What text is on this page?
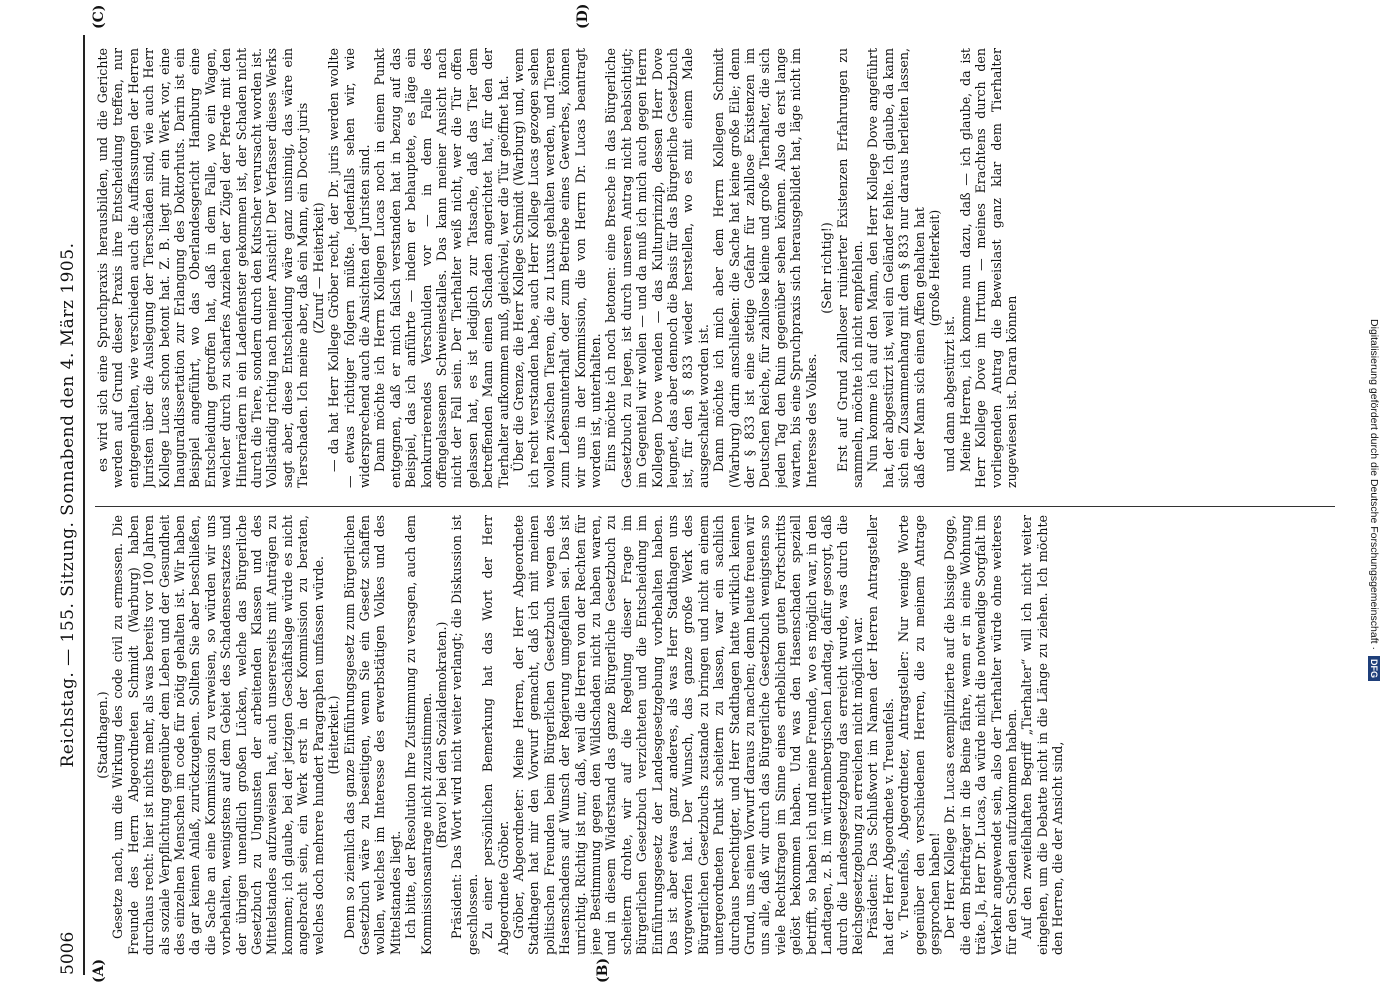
5006
Reichstag. — 155. Sitzung. Sonnabend den 4. März 1905.
(A)	(B)
(C)	(D)

(Stadthagen.) Gesetze nach, um die Wirkung des code civil zu ermessen. Die Freunde des Herrn Abgeordneten Schmidt (Warburg) haben durchaus recht: hier ist nichts mehr, als was bereits vor 100 Jahren als soziale Verpflichtung gegenüber dem Leben und der Gesundheit des einzelnen Menschen im code für nötig gehalten ist. Wir haben da gar keinen Anlaß, zurückzugehen. Sollten Sie aber beschließen, die Sache an eine Kommission zu verweisen, so würden wir uns vorbehalten, wenigstens auf dem Gebiet des Schadensersatzes und der übrigen unendlich großen Lücken, welche das Bürgerliche Gesetzbuch zu Ungunsten der arbeitenden Klassen und des Mittelstandes aufzuweisen hat, auch unsererseits mit Anträgen zu kommen; ich glaube, bei der jetzigen Geschäftslage würde es nicht angebracht sein, ein Werk erst in der Kommission zu beraten, welches doch mehrere hundert Paragraphen umfassen würde. (Heiterkeit.) Denn so ziemlich das ganze Einführungsgesetz zum Bürgerlichen Gesetzbuch wäre zu beseitigen, wenn Sie ein Gesetz schaffen wollen, welches im Interesse des erwerbstätigen Volkes und des Mittelstandes liegt. Ich bitte, der Resolution Ihre Zustimmung zu versagen, auch dem Kommissionsantrage nicht zuzustimmen. (Bravo! bei den Sozialdemokraten.) Präsident: Das Wort wird nicht weiter verlangt; die Diskussion ist geschlossen. Zu einer persönlichen Bemerkung hat das Wort der Herr Abgeordnete Gröber. Gröber, Abgeordneter: Meine Herren, der Herr Abgeordnete Stadthagen hat mir den Vorwurf gemacht, daß ich mit meinen politischen Freunden beim Bürgerlichen Gesetzbuch wegen des Hasenschadens auf Wunsch der Regierung umgefallen sei. Das ist unrichtig. Richtig ist nur, daß, weil die Herren von der Rechten für jene Bestimmung gegen den Wildschaden nicht zu haben waren, und in diesem Widerstand das ganze Bürgerliche Gesetzbuch zu scheitern drohte, wir auf die Regelung dieser Frage im Bürgerlichen Gesetzbuch verzichteten und die Entscheidung im Einführungsgesetz der Landesgesetzgebung vorbehalten haben. Das ist aber etwas ganz anderes, als was Herr Stadthagen uns vorgeworfen hat. Der Wunsch, das ganze große Werk des Bürgerlichen Gesetzbuchs zustande zu bringen und nicht an einem untergeordneten Punkt scheitern zu lassen, war ein sachlich durchaus berechtigter, und Herr Stadthagen hatte wirklich keinen Grund, uns einen Vorwurf daraus zu machen; denn heute freuen wir uns alle, daß wir durch das Bürgerliche Gesetzbuch wenigstens so viele Rechtsfragen im Sinne eines erheblichen guten Fortschritts gelöst bekommen haben. Und was den Hasenschaden speziell betrifft, so haben ich und meine Freunde, wo es möglich war, in den Landtagen, z. B. im württembergischen Landtag, dafür gesorgt, daß durch die Landesgesetzgebung das erreicht wurde, was durch die Reichsgesetzgebung zu erreichen nicht möglich war. Präsident: Das Schlußwort im Namen der Herren Antragsteller hat der Herr Abgeordnete v. Treuenfels. v. Treuenfels, Abgeordneter, Antragsteller: Nur wenige Worte gegenüber den verschiedenen Herren, die zu meinem Antrage gesprochen haben! Der Herr Kollege Dr. Lucas exemplifizierte auf die bissige Dogge, die dem Briefträger in die Beine fähre, wenn er in eine Wohnung träte. Ja, Herr Dr. Lucas, da würde nicht die notwendige Sorgfalt im Verkehr angewendet sein, also der Tierhalter würde ohne weiteres für den Schaden aufzukommen haben. Auf den zweifelhaften Begriff „Tierhalter“ will ich nicht weiter eingehen, um die Debatte nicht in die Länge zu ziehen. Ich möchte den Herren, die der Ansicht sind,

es wird sich eine Spruchpraxis herausbilden, und die Gerichte werden auf Grund dieser Praxis ihre Entscheidung treffen, nur entgegenhalten, wie verschieden auch die Auffassungen der Herren Juristen über die Auslegung der Tierschäden sind, wie auch Herr Kollege Lucas schon betont hat. Z. B. liegt mir ein Werk vor, eine Inauguraldissertation zur Erlangung des Doktorhuts. Darin ist ein Beispiel angeführt, wo das Oberlandesgericht Hamburg eine Entscheidung getroffen hat, daß in dem Falle, wo ein Wagen, welcher durch zu scharfes Anziehen der Zügel der Pferde mit den Hinterrädern in ein Ladenfenster gekommen ist, der Schaden nicht durch die Tiere, sondern durch den Kutscher verursacht worden ist. Vollständig richtig nach meiner Ansicht! Der Verfasser dieses Werks sagt aber, diese Entscheidung wäre ganz unsinnig, das wäre ein Tierschaden. Ich meine aber, daß ein Mann, ein Doctor juris (Zuruf — Heiterkeit) — da hat Herr Kollege Gröber recht, der Dr. juris werden wollte — etwas richtiger folgern müßte. Jedenfalls sehen wir, wie widersprechend auch die Ansichten der Juristen sind. Dann möchte ich Herrn Kollegen Lucas noch in einem Punkt entgegnen, daß er mich falsch verstanden hat in bezug auf das Beispiel, das ich anführte — indem er behauptete, es läge ein konkurrierendes Verschulden vor — in dem Falle des offengelassenen Schweinestalles. Das kann meiner Ansicht nach nicht der Fall sein. Der Tierhalter weiß nicht, wer die Tür offen gelassen hat, es ist lediglich zur Tatsache, daß das Tier dem betreffenden Mann einen Schaden angerichtet hat, für den der Tierhalter aufkommen muß, gleichviel, wer die Tür geöffnet hat. Über die Grenze, die Herr Kollege Schmidt (Warburg) und, wenn ich recht verstanden habe, auch Herr Kollege Lucas gezogen sehen wollen zwischen Tieren, die zu Luxus gehalten werden, und Tieren zum Lebensunterhalt oder zum Betriebe eines Gewerbes, können wir uns in der Kommission, die von Herrn Dr. Lucas beantragt worden ist, unterhalten. Eins möchte ich noch betonen: eine Bresche in das Bürgerliche Gesetzbuch zu legen, ist durch unseren Antrag nicht beabsichtigt; im Gegenteil wir wollen — und da muß ich mich auch gegen Herrn Kollegen Dove wenden — das Kulturprinzip, dessen Herr Dove leugnet, das aber dennoch die Basis für das Bürgerliche Gesetzbuch ist, für den § 833 wieder herstellen, wo es mit einem Male ausgeschaltet worden ist. Dann möchte ich mich aber dem Herrn Kollegen Schmidt (Warburg) darin anschließen: die Sache hat keine große Eile; denn der § 833 ist eine stetige Gefahr für zahllose Existenzen im Deutschen Reiche, für zahllose kleine und große Tierhalter, die sich jeden Tag den Ruin gegenüber sehen können. Also da erst lange warten, bis eine Spruchpraxis sich herausgebildet hat, läge nicht im Interesse des Volkes.

(Sehr richtig!) Erst auf Grund zahlloser ruinierter Existenzen Erfahrungen zu sammeln, möchte ich nicht empfehlen. Nun komme ich auf den Mann, den Herr Kollege Dove angeführt hat, der abgestürzt ist, weil ein Geländer fehlte. Ich glaube, da kann sich ein Zusammenhang mit dem § 833 nur daraus herleiten lassen, daß der Mann sich einen Affen gehalten hat (große Heiterkeit)

und dann abgestürzt ist. Meine Herren, ich komme nun dazu, daß — ich glaube, da ist Herr Kollege Dove im Irrtum — meines Erachtens durch den vorliegenden Antrag die Beweislast ganz klar dem Tierhalter zugewiesen ist. Daran können	Digitalisierung gefördert durch die Deutsche Forschungsgemeinschaft ·
DFG
